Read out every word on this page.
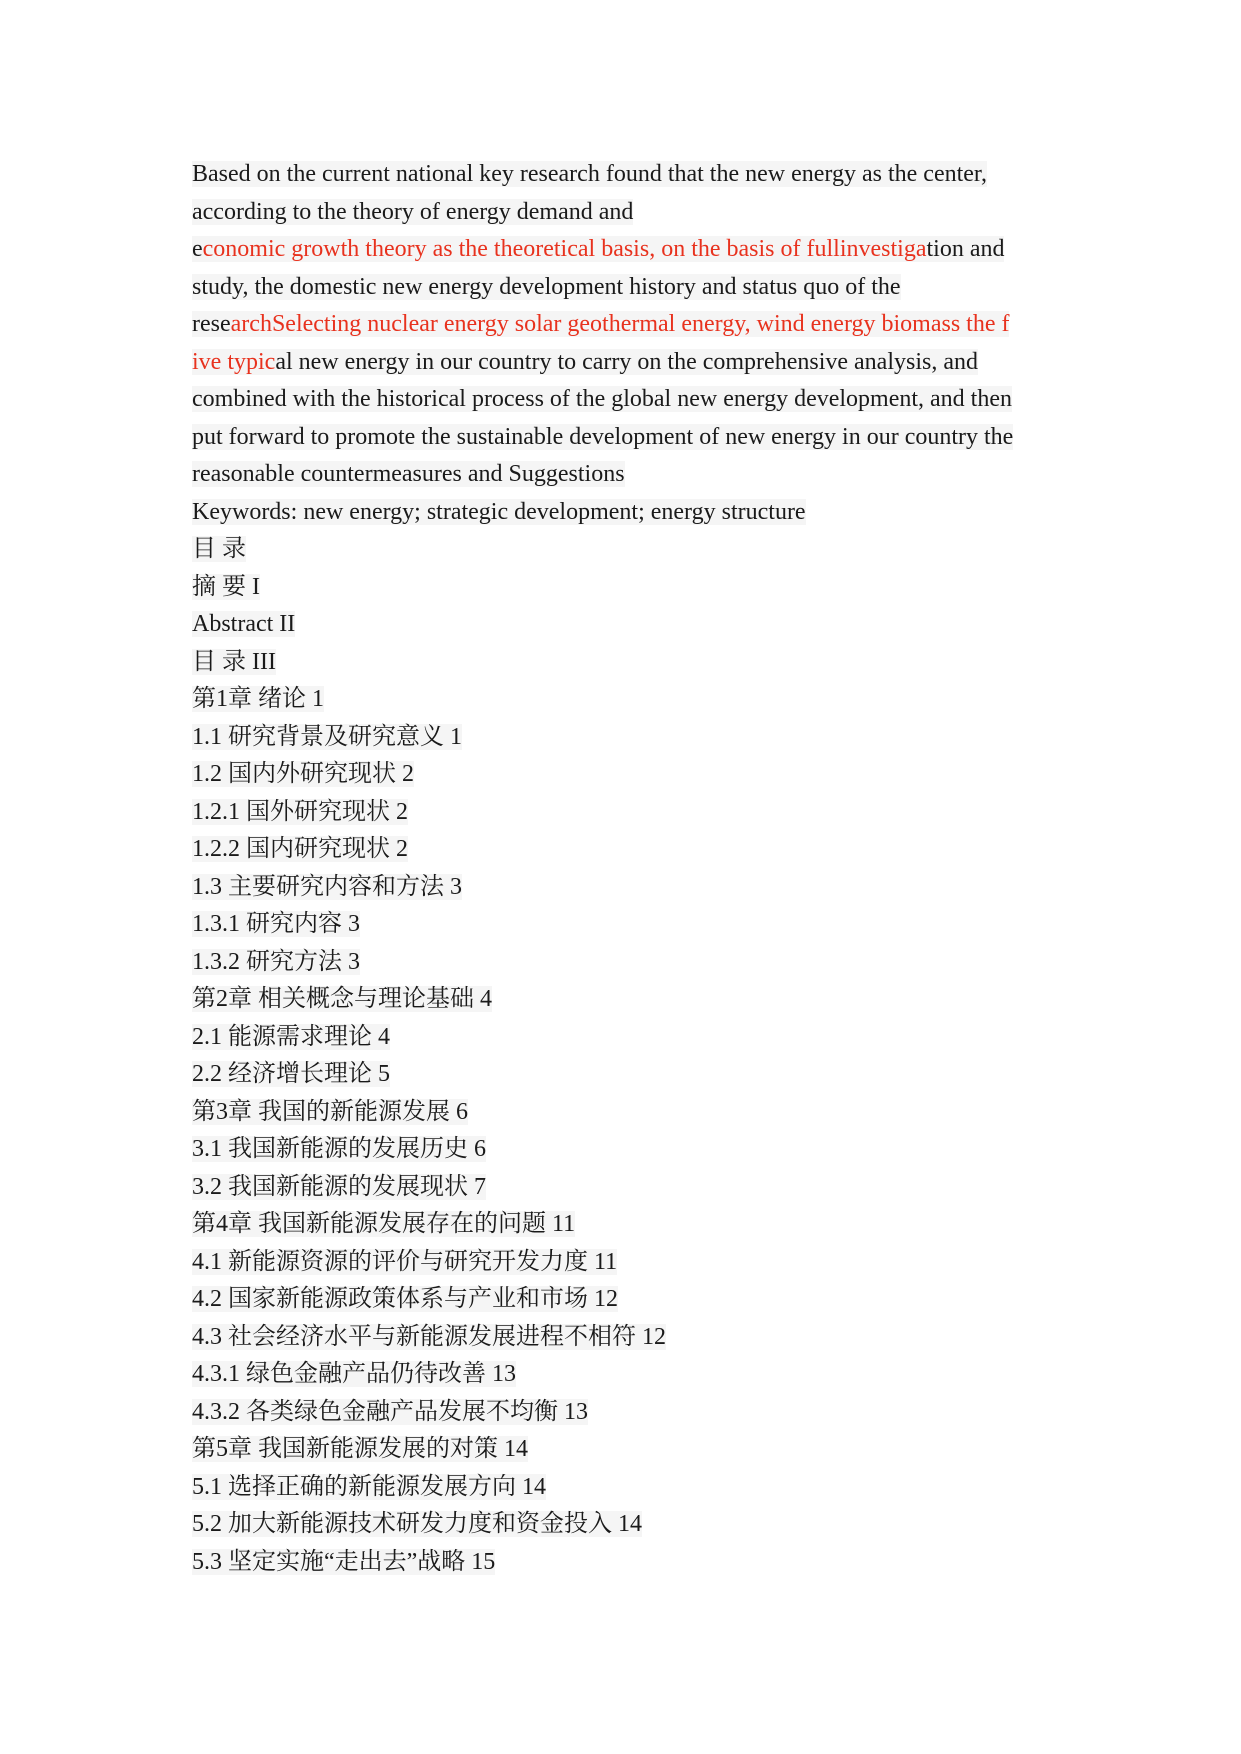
Based on the current national key research found that the new energy as the center,
according to the theory of energy demand and
economic growth theory as the theoretical basis, on the basis of fullinvestigation and
study, the domestic new energy development history and status quo of the
researchSelecting nuclear energy solar geothermal energy, wind energy biomass the f
ive typical new energy in our country to carry on the comprehensive analysis, and
combined with the historical process of the global new energy development, and then
put forward to promote the sustainable development of new energy in our country the
reasonable countermeasures and Suggestions
Keywords: new energy; strategic development; energy structure
目 录
摘 要 I
Abstract II
目 录 III
第1章 绪论 1
1.1 研究背景及研究意义 1
1.2 国内外研究现状 2
1.2.1 国外研究现状 2
1.2.2 国内研究现状 2
1.3 主要研究内容和方法 3
1.3.1 研究内容 3
1.3.2 研究方法 3
第2章 相关概念与理论基础 4
2.1 能源需求理论 4
2.2 经济增长理论 5
第3章 我国的新能源发展 6
3.1 我国新能源的发展历史 6
3.2 我国新能源的发展现状 7
第4章 我国新能源发展存在的问题 11
4.1 新能源资源的评价与研究开发力度 11
4.2 国家新能源政策体系与产业和市场 12
4.3 社会经济水平与新能源发展进程不相符 12
4.3.1 绿色金融产品仍待改善 13
4.3.2 各类绿色金融产品发展不均衡 13
第5章 我国新能源发展的对策 14
5.1 选择正确的新能源发展方向 14
5.2 加大新能源技术研发力度和资金投入 14
5.3 坚定实施“走出去”战略 15
